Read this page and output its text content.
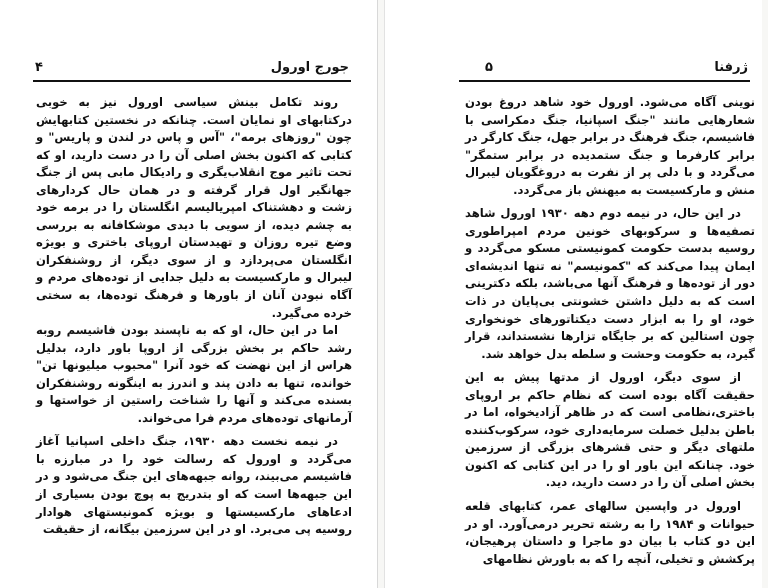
۴	جورج اورول

روند تکامل بینش سیاسی اورول نیز به خوبی درکتابهای او نمایان است. چنانکه در نخستین کتابهایش چون "روزهای برمه"، "آس و پاس در لندن و پاریس" و کتابی که اکنون بخش اصلی آن را در دست دارید، او که تحت تاثیر موج انقلاب‌یگری و رادیکال مابی پس از جنگ جهانگیر اول قرار گرفته و در همان حال کردارهای زشت و دهشتناک امپریالیسم انگلستان را در برمه خود به چشم دیده، از سویی با دیدی موشکافانه به بررسی وضع تیره روزان و تهیدستان اروپای باختری و بویژه انگلستان می‌پردازد و از سوی دیگر، از روشنفکران لیبرال و مارکسیست به دلیل جدایی از توده‌های مردم و آگاه نبودن آنان از باورها و فرهنگ توده‌ها، به سختی خرده می‌گیرد.

اما در این حال، او که به ناپسند بودن فاشیسم روبه رشد حاکم بر بخش بزرگی از اروپا باور دارد، بدلیل هراس از این نهضت که خود آنرا "محبوب میلیونها تن" خوانده، تنها به دادن پند و اندرز به اینگونه روشنفکران بسنده می‌کند و آنها را شناخت راستین از خواستها و آرمانهای توده‌های مردم فرا می‌خواند.

در نیمه نخست دهه ۱۹۳۰، جنگ داخلی اسپانیا آغاز می‌گردد و اورول که رسالت خود را در مبارزه با فاشیسم می‌بیند، روانه جبهه‌های این جنگ می‌شود و در این جبهه‌ها است که او بتدریج به پوچ بودن بسیاری از ادعاهای مارکسیستها و بویژه کمونیستهای هوادار روسیه پی می‌برد. او در این سرزمین بیگانه، از حقیقت

۵	ژرفنا

نوینی آگاه می‌شود. اورول خود شاهد دروغ بودن شعارهایی مانند "جنگ اسپانیا، جنگ دمکراسی با فاشیسم، جنگ فرهنگ در برابر جهل، جنگ کارگر در برابر کارفرما و جنگ ستمدیده در برابر ستمگر" می‌گردد و با دلی پر از نفرت به دروغگویان لیبرال منش و مارکسیست به میهنش باز می‌گردد.

در این حال، در نیمه دوم دهه ۱۹۳۰ اورول شاهد تصفیه‌ها و سرکوبهای خونین مردم امپراطوری روسیه بدست حکومت کمونیستی مسکو می‌گردد و ایمان پیدا می‌کند که "کمونیسم" نه تنها اندیشه‌ای دور از توده‌ها و فرهنگ آنها می‌باشد، بلکه دکترینی است که به دلیل داشتن خشونتی بی‌پایان در ذات خود، او را به ابزار دست دیکتاتورهای خونخواری چون استالین که بر جایگاه تزارها نشستداند، قرار گیرد، به حکومت وحشت و سلطه بدل خواهد شد.

از سوی دیگر، اورول از مدتها پیش به این حقیقت آگاه بوده است که نظام حاکم بر اروپای باختری،نظامی است که در ظاهر آزادیخواه، اما در باطن بدلیل خصلت سرمایه‌داری خود، سرکوب‌کننده ملتهای دیگر و حتی قشرهای بزرگی از سرزمین خود. چنانکه این باور او را در این کتابی که اکنون بخش اصلی آن را در دست دارید، دید.

اورول در واپسین سالهای عمر، کتابهای قلعه حیوانات و ۱۹۸۴ را به رشته تحریر درمی‌آورد. او در این دو کتاب با بیان دو ماجرا و داستان پرهیجان، پرکشش و تخیلی، آنچه را که به باورش نظامهای
